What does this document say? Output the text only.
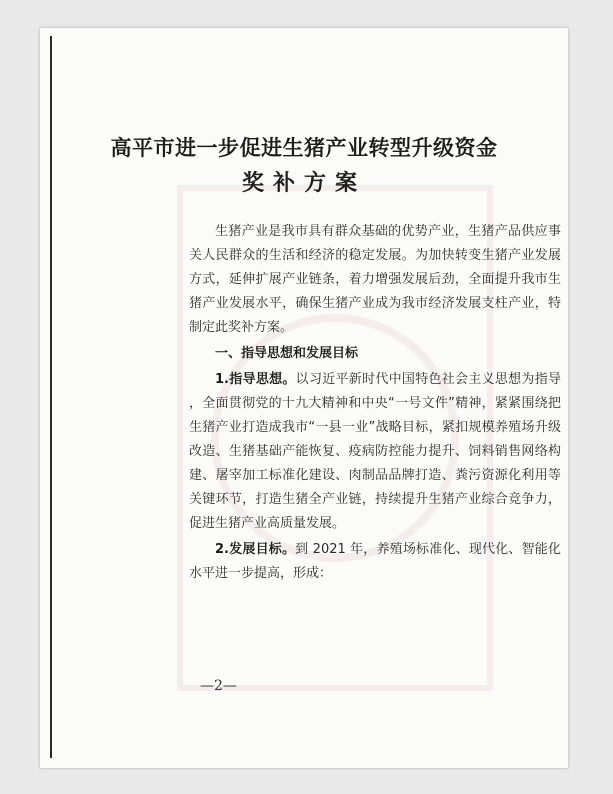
高平市进一步促进生猪产业转型升级资金
奖补方案

生猪产业是我市具有群众基础的优势产业，生猪产品供应事关人民群众的生活和经济的稳定发展。为加快转变生猪产业发展方式，延伸扩展产业链条，着力增强发展后劲，全面提升我市生猪产业发展水平，确保生猪产业成为我市经济发展支柱产业，特制定此奖补方案。

一、指导思想和发展目标

1.指导思想。以习近平新时代中国特色社会主义思想为指导，全面贯彻党的十九大精神和中央“一号文件”精神，紧紧围绕把生猪产业打造成我市“一县一业”战略目标，紧扣规模养殖场升级改造、生猪基础产能恢复、疫病防控能力提升、饲料销售网络构建、屠宰加工标准化建设、肉制品品牌打造、粪污资源化利用等关键环节，打造生猪全产业链，持续提升生猪产业综合竞争力，促进生猪产业高质量发展。

2.发展目标。到 2021 年，养殖场标准化、现代化、智能化水平进一步提高，形成：

—2—
